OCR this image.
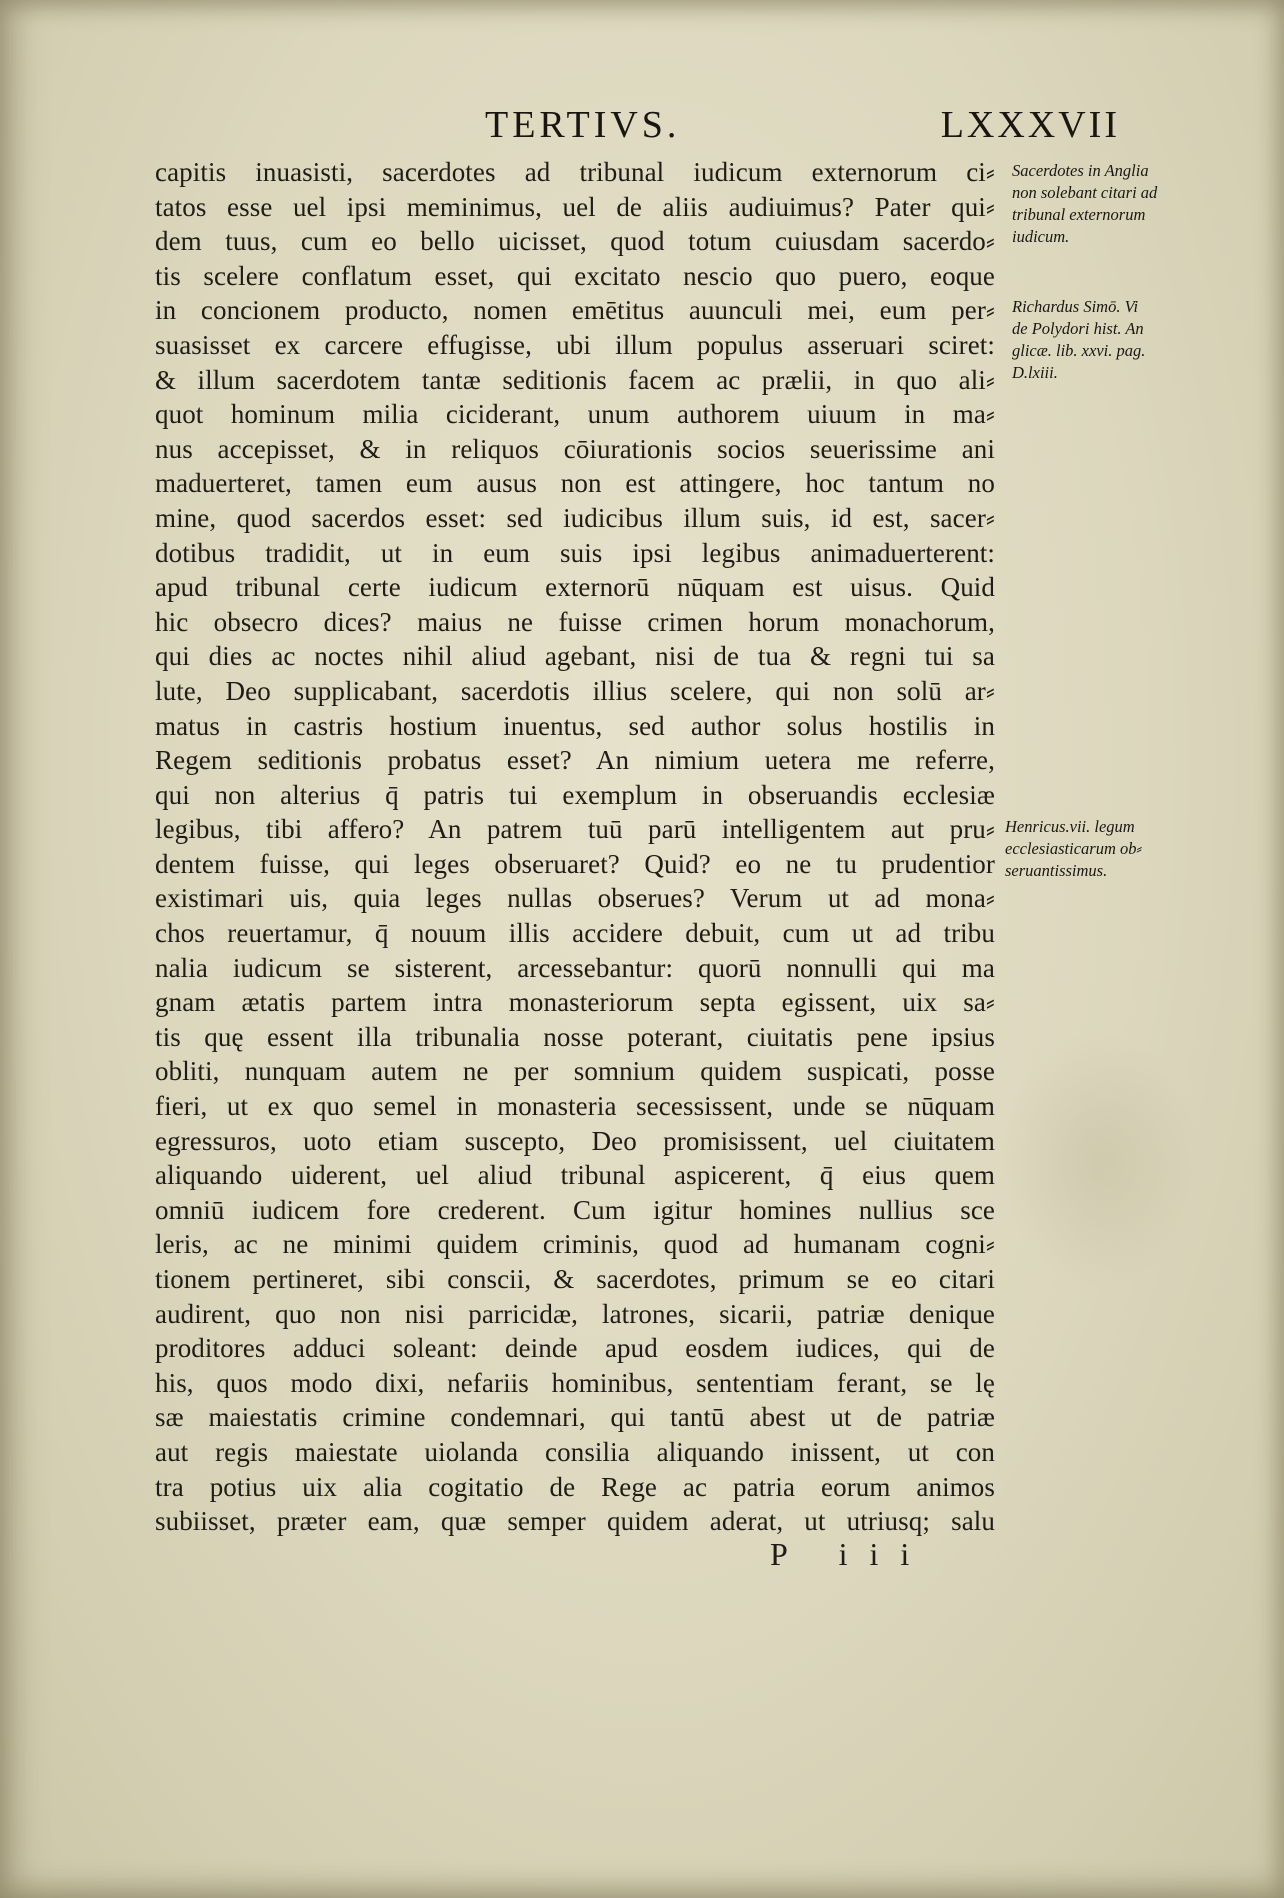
TERTIVS.	LXXXVII
capitis inuasisti, sacerdotes ad tribunal iudicum externorum ci⸗
tatos esse uel ipsi meminimus, uel de aliis audiuimus? Pater qui⸗
dem tuus, cum eo bello uicisset, quod totum cuiusdam sacerdo⸗
tis scelere conflatum esset, qui excitato nescio quo puero, eoque
in concionem producto, nomen emētitus auunculi mei, eum per⸗
suasisset ex carcere effugisse, ubi illum populus asseruari sciret:
& illum sacerdotem tantæ seditionis facem ac prælii, in quo ali⸗
quot hominum milia ciciderant, unum authorem uiuum in ma⸗
nus accepisset, & in reliquos cōiurationis socios seuerissime ani
maduerteret, tamen eum ausus non est attingere, hoc tantum no
mine, quod sacerdos esset: sed iudicibus illum suis, id est, sacer⸗
dotibus tradidit, ut in eum suis ipsi legibus animaduerterent:
apud tribunal certe iudicum externorū nūquam est uisus. Quid
hic obsecro dices? maius ne fuisse crimen horum monachorum,
qui dies ac noctes nihil aliud agebant, nisi de tua & regni tui sa
lute, Deo supplicabant, sacerdotis illius scelere, qui non solū ar⸗
matus in castris hostium inuentus, sed author solus hostilis in
Regem seditionis probatus esset? An nimium uetera me referre,
qui non alterius q̄ patris tui exemplum in obseruandis ecclesiæ
legibus, tibi affero? An patrem tuū parū intelligentem aut pru⸗
dentem fuisse, qui leges obseruaret? Quid? eo ne tu prudentior
existimari uis, quia leges nullas obserues? Verum ut ad mona⸗
chos reuertamur, q̄ nouum illis accidere debuit, cum ut ad tribu
nalia iudicum se sisterent, arcessebantur: quorū nonnulli qui ma
gnam ætatis partem intra monasteriorum septa egissent, uix sa⸗
tis quę essent illa tribunalia nosse poterant, ciuitatis pene ipsius
obliti, nunquam autem ne per somnium quidem suspicati, posse
fieri, ut ex quo semel in monasteria secessissent, unde se nūquam
egressuros, uoto etiam suscepto, Deo promisissent, uel ciuitatem
aliquando uiderent, uel aliud tribunal aspicerent, q̄ eius quem
omniū iudicem fore crederent. Cum igitur homines nullius sce
leris, ac ne minimi quidem criminis, quod ad humanam cogni⸗
tionem pertineret, sibi conscii, & sacerdotes, primum se eo citari
audirent, quo non nisi parricidæ, latrones, sicarii, patriæ denique
proditores adduci soleant: deinde apud eosdem iudices, qui de
his, quos modo dixi, nefariis hominibus, sententiam ferant, se lę
sæ maiestatis crimine condemnari, qui tantū abest ut de patriæ
aut regis maiestate uiolanda consilia aliquando inissent, ut con
tra potius uix alia cogitatio de Rege ac patria eorum animos
subiisset, præter eam, quæ semper quidem aderat, ut utriusq; salu
P iii
Sacerdotes in Anglia
non solebant citari ad
tribunal externorum
iudicum.
Richardus Simō. Vi
de Polydori hist. An
glicæ. lib. xxvi. pag.
D.lxiii.
Henricus.vii. legum
ecclesiasticarum ob⸗
seruantissimus.
